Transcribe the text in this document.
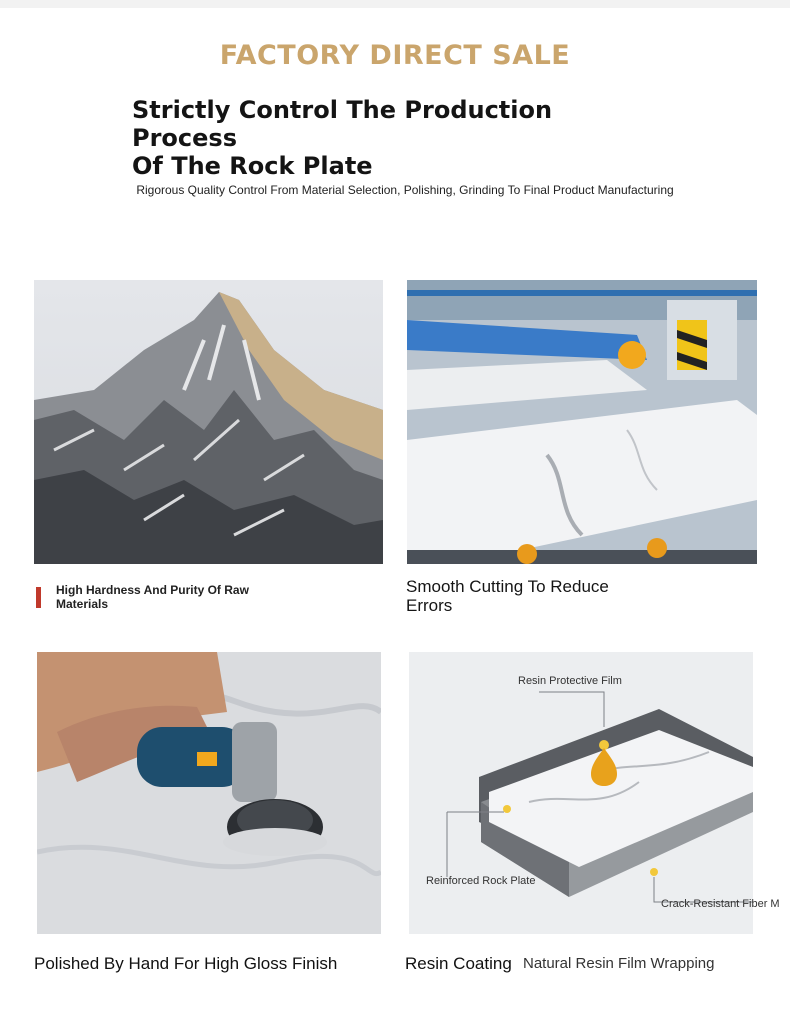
FACTORY DIRECT SALE
Strictly Control The Production Process
Of The Rock Plate
Rigorous Quality Control From Material Selection, Polishing, Grinding To Final Product Manufacturing
High Hardness And Purity Of Raw
Materials
Smooth Cutting To Reduce
Errors
Resin Protective Film
Reinforced Rock Plate
Crack-Resistant Fiber M
Polished By Hand For High Gloss Finish	Resin Coating Natural Resin Film Wrapping
